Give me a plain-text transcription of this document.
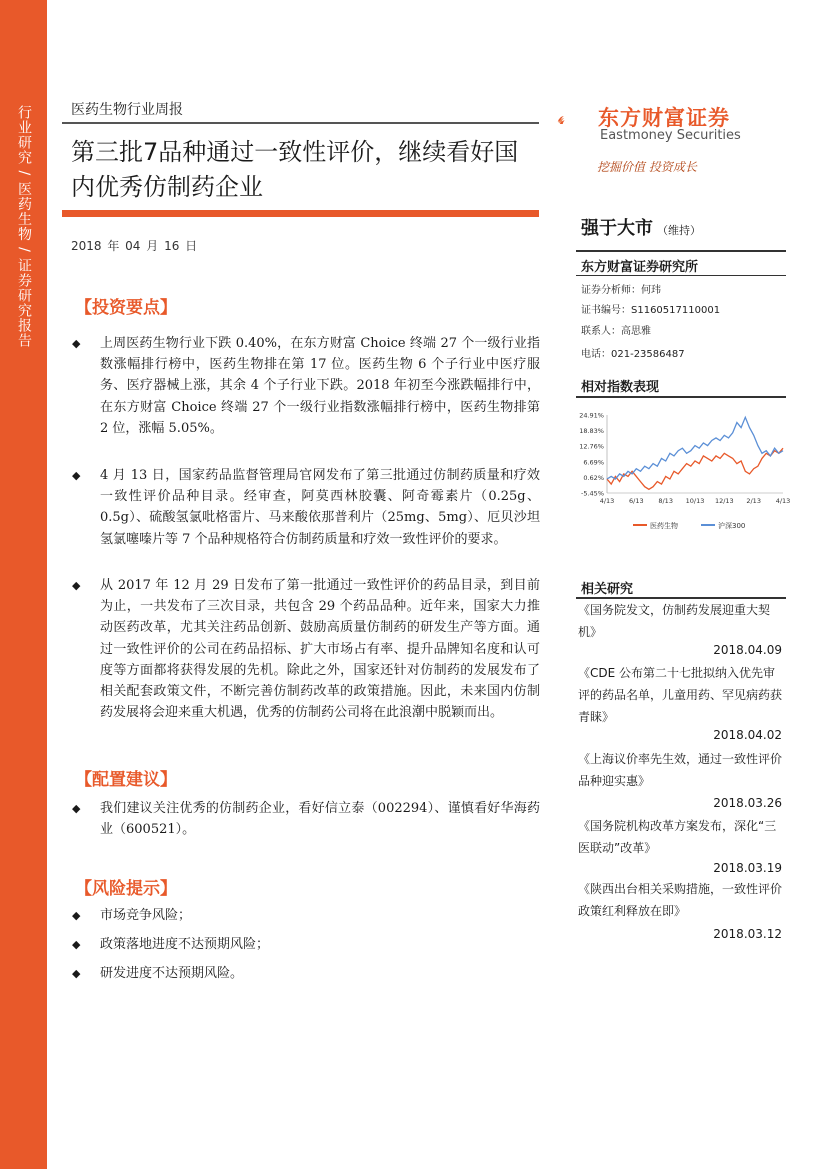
行业研究 / 医药生物 / 证券研究报告	医药生物行业周报
第三批7品种通过一致性评价，继续看好国内优秀仿制药企业
2018 年 04 月 16 日
东方财富证券
Eastmoney Securities
挖掘价值 投资成长
强于大市 （维持）
东方财富证券研究所
证券分析师：何玮
证书编号：S1160517110001
联系人：高思雅
电话：021-23586487
相对指数表现
24.91%
18.83%
12.76%
6.69%
0.62%
-5.45%
4/13 6/13 8/13 10/13 12/13 2/13 4/13
医药生物	沪深300
相关研究
《国务院发文，仿制药发展迎重大契机》
2018.04.09
《CDE 公布第二十七批拟纳入优先审评的药品名单，儿童用药、罕见病药获青睐》
2018.04.02
《上海议价率先生效，通过一致性评价品种迎实惠》
2018.03.26
《国务院机构改革方案发布，深化“三医联动”改革》
2018.03.19
《陕西出台相关采购措施，一致性评价政策红利释放在即》
2018.03.12
【投资要点】
◆ 上周医药生物行业下跌 0.40%，在东方财富 Choice 终端 27 个一级行业指数涨幅排行榜中，医药生物排在第 17 位。医药生物 6 个子行业中医疗服务、医疗器械上涨，其余 4 个子行业下跌。2018 年初至今涨跌幅排行中，在东方财富 Choice 终端 27 个一级行业指数涨幅排行榜中，医药生物排第 2 位，涨幅 5.05%。
◆ 4 月 13 日，国家药品监督管理局官网发布了第三批通过仿制药质量和疗效一致性评价品种目录。经审查，阿莫西林胶囊、阿奇霉素片（0.25g、0.5g）、硫酸氢氯吡格雷片、马来酸依那普利片（25mg、5mg）、厄贝沙坦氢氯噻嗪片等 7 个品种规格符合仿制药质量和疗效一致性评价的要求。
◆ 从 2017 年 12 月 29 日发布了第一批通过一致性评价的药品目录，到目前为止，一共发布了三次目录，共包含 29 个药品品种。近年来，国家大力推动医药改革，尤其关注药品创新、鼓励高质量仿制药的研发生产等方面。通过一致性评价的公司在药品招标、扩大市场占有率、提升品牌知名度和认可度等方面都将获得发展的先机。除此之外，国家还针对仿制药的发展发布了相关配套政策文件，不断完善仿制药改革的政策措施。因此，未来国内仿制药发展将会迎来重大机遇，优秀的仿制药公司将在此浪潮中脱颖而出。
【配置建议】
◆ 我们建议关注优秀的仿制药企业，看好信立泰（002294）、谨慎看好华海药业（600521）。
【风险提示】
◆ 市场竞争风险；
◆ 政策落地进度不达预期风险；
◆ 研发进度不达预期风险。
